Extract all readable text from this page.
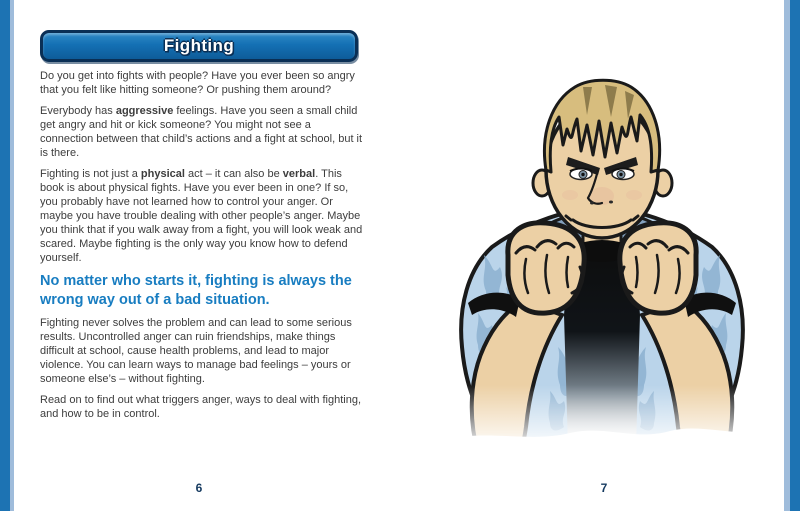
Fighting

Do you get into fights with people? Have you ever been so angry that you felt like hitting someone? Or pushing them around?

Everybody has aggressive feelings. Have you seen a small child get angry and hit or kick someone? You might not see a connection between that child’s actions and a fight at school, but it is there.

Fighting is not just a physical act – it can also be verbal. This book is about physical fights. Have you ever been in one? If so, you probably have not learned how to control your anger. Or maybe you have trouble dealing with other people’s anger. Maybe you think that if you walk away from a fight, you will look weak and scared. Maybe fighting is the only way you know how to defend yourself.

No matter who starts it, fighting is always the wrong way out of a bad situation.

Fighting never solves the problem and can lead to some serious results. Uncontrolled anger can ruin friendships, make things difficult at school, cause health problems, and lead to major violence. You can learn ways to manage bad feelings – yours or someone else’s – without fighting.

Read on to find out what triggers anger, ways to deal with fighting, and how to be in control.

6	7
